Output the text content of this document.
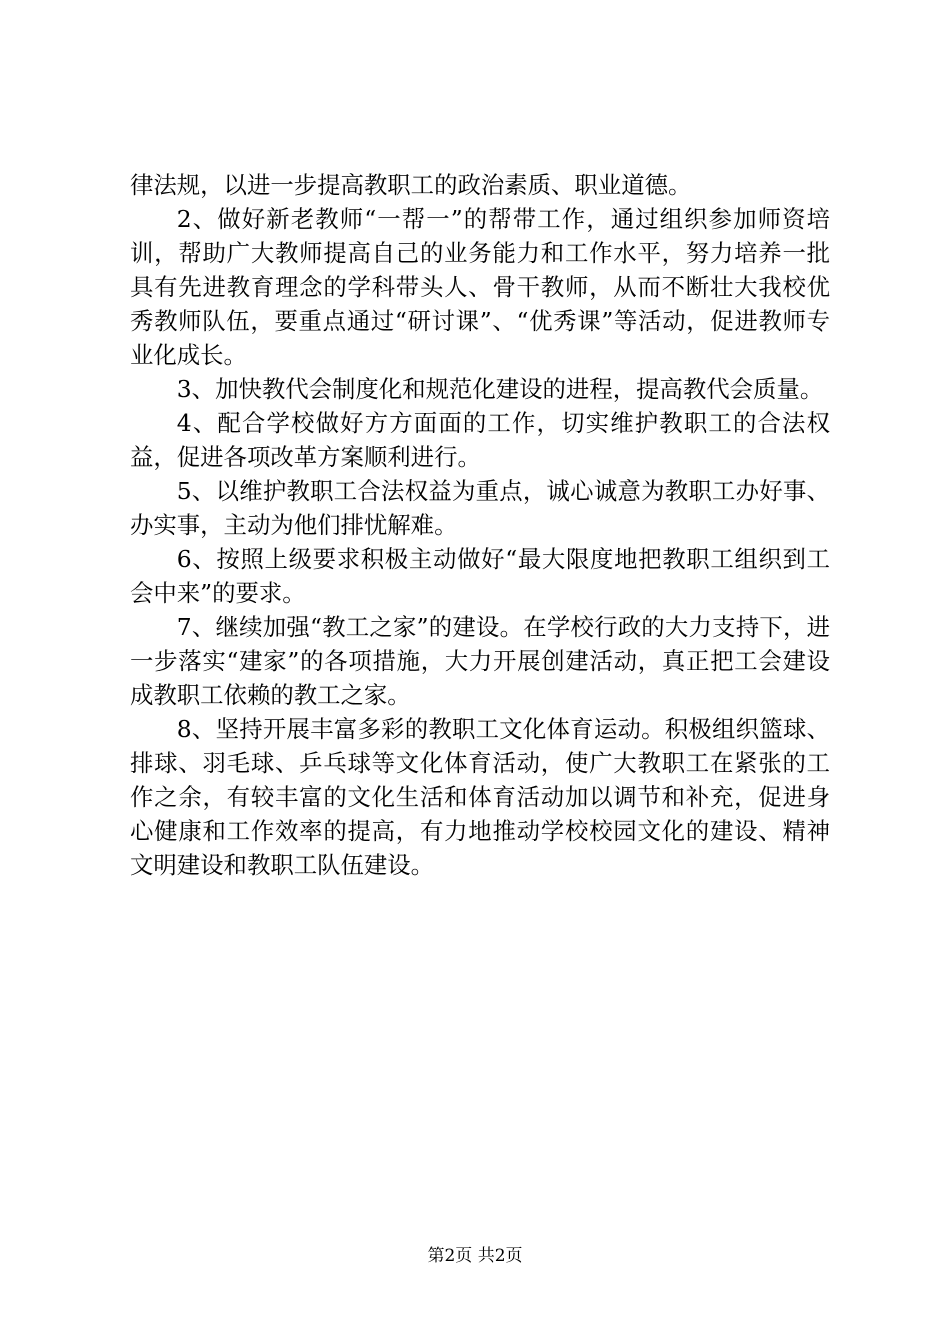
律法规，以进一步提高教职工的政治素质、职业道德。

2、做好新老教师“一帮一”的帮带工作，通过组织参加师资培训，帮助广大教师提高自己的业务能力和工作水平，努力培养一批具有先进教育理念的学科带头人、骨干教师，从而不断壮大我校优秀教师队伍，要重点通过“研讨课”、“优秀课”等活动，促进教师专业化成长。

3、加快教代会制度化和规范化建设的进程，提高教代会质量。

4、配合学校做好方方面面的工作，切实维护教职工的合法权益，促进各项改革方案顺利进行。

5、以维护教职工合法权益为重点，诚心诚意为教职工办好事、办实事，主动为他们排忧解难。

6、按照上级要求积极主动做好“最大限度地把教职工组织到工会中来”的要求。

7、继续加强“教工之家”的建设。在学校行政的大力支持下，进一步落实“建家”的各项措施，大力开展创建活动，真正把工会建设成教职工依赖的教工之家。

8、坚持开展丰富多彩的教职工文化体育运动。积极组织篮球、排球、羽毛球、乒乓球等文化体育活动，使广大教职工在紧张的工作之余，有较丰富的文化生活和体育活动加以调节和补充，促进身心健康和工作效率的提高，有力地推动学校校园文化的建设、精神文明建设和教职工队伍建设。

第2页 共2页
